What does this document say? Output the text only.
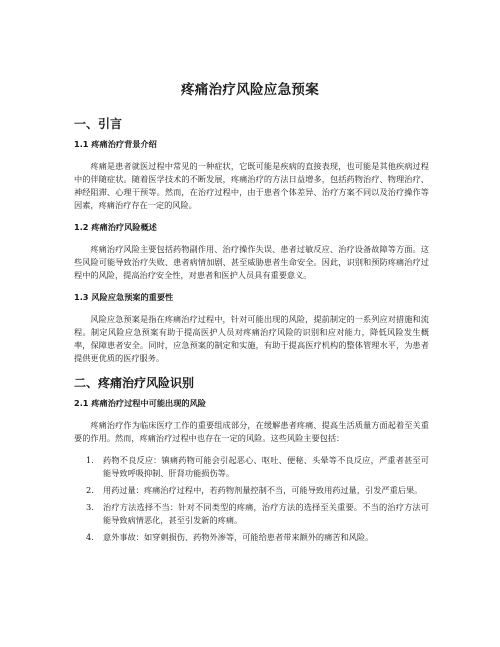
疼痛治疗风险应急预案
一、引言
1.1 疼痛治疗背景介绍

疼痛是患者就医过程中常见的一种症状，它既可能是疾病的直接表现，也可能是其他疾病过程中的伴随症状。随着医学技术的不断发展，疼痛治疗的方法日益增多，包括药物治疗、物理治疗、神经阻滞、心理干预等。然而，在治疗过程中，由于患者个体差异、治疗方案不同以及治疗操作等因素，疼痛治疗存在一定的风险。

1.2 疼痛治疗风险概述

疼痛治疗风险主要包括药物副作用、治疗操作失误、患者过敏反应、治疗设备故障等方面。这些风险可能导致治疗失败、患者病情加剧、甚至威胁患者生命安全。因此，识别和预防疼痛治疗过程中的风险，提高治疗安全性，对患者和医护人员具有重要意义。

1.3 风险应急预案的重要性

风险应急预案是指在疼痛治疗过程中，针对可能出现的风险，提前制定的一系列应对措施和流程。制定风险应急预案有助于提高医护人员对疼痛治疗风险的识别和应对能力，降低风险发生概率，保障患者安全。同时，应急预案的制定和实施，有助于提高医疗机构的整体管理水平，为患者提供更优质的医疗服务。

二、疼痛治疗风险识别
2.1 疼痛治疗过程中可能出现的风险

疼痛治疗作为临床医疗工作的重要组成部分，在缓解患者疼痛、提高生活质量方面起着至关重要的作用。然而，疼痛治疗过程中也存在一定的风险。这些风险主要包括：

1. 药物不良反应：镇痛药物可能会引起恶心、呕吐、便秘、头晕等不良反应，严重者甚至可能导致呼吸抑制、肝肾功能损伤等。
2. 用药过量：疼痛治疗过程中，若药物剂量控制不当，可能导致用药过量，引发严重后果。
3. 治疗方法选择不当：针对不同类型的疼痛，治疗方法的选择至关重要。不当的治疗方法可能导致病情恶化，甚至引发新的疼痛。
4. 意外事故：如穿刺损伤、药物外渗等，可能给患者带来额外的痛苦和风险。
